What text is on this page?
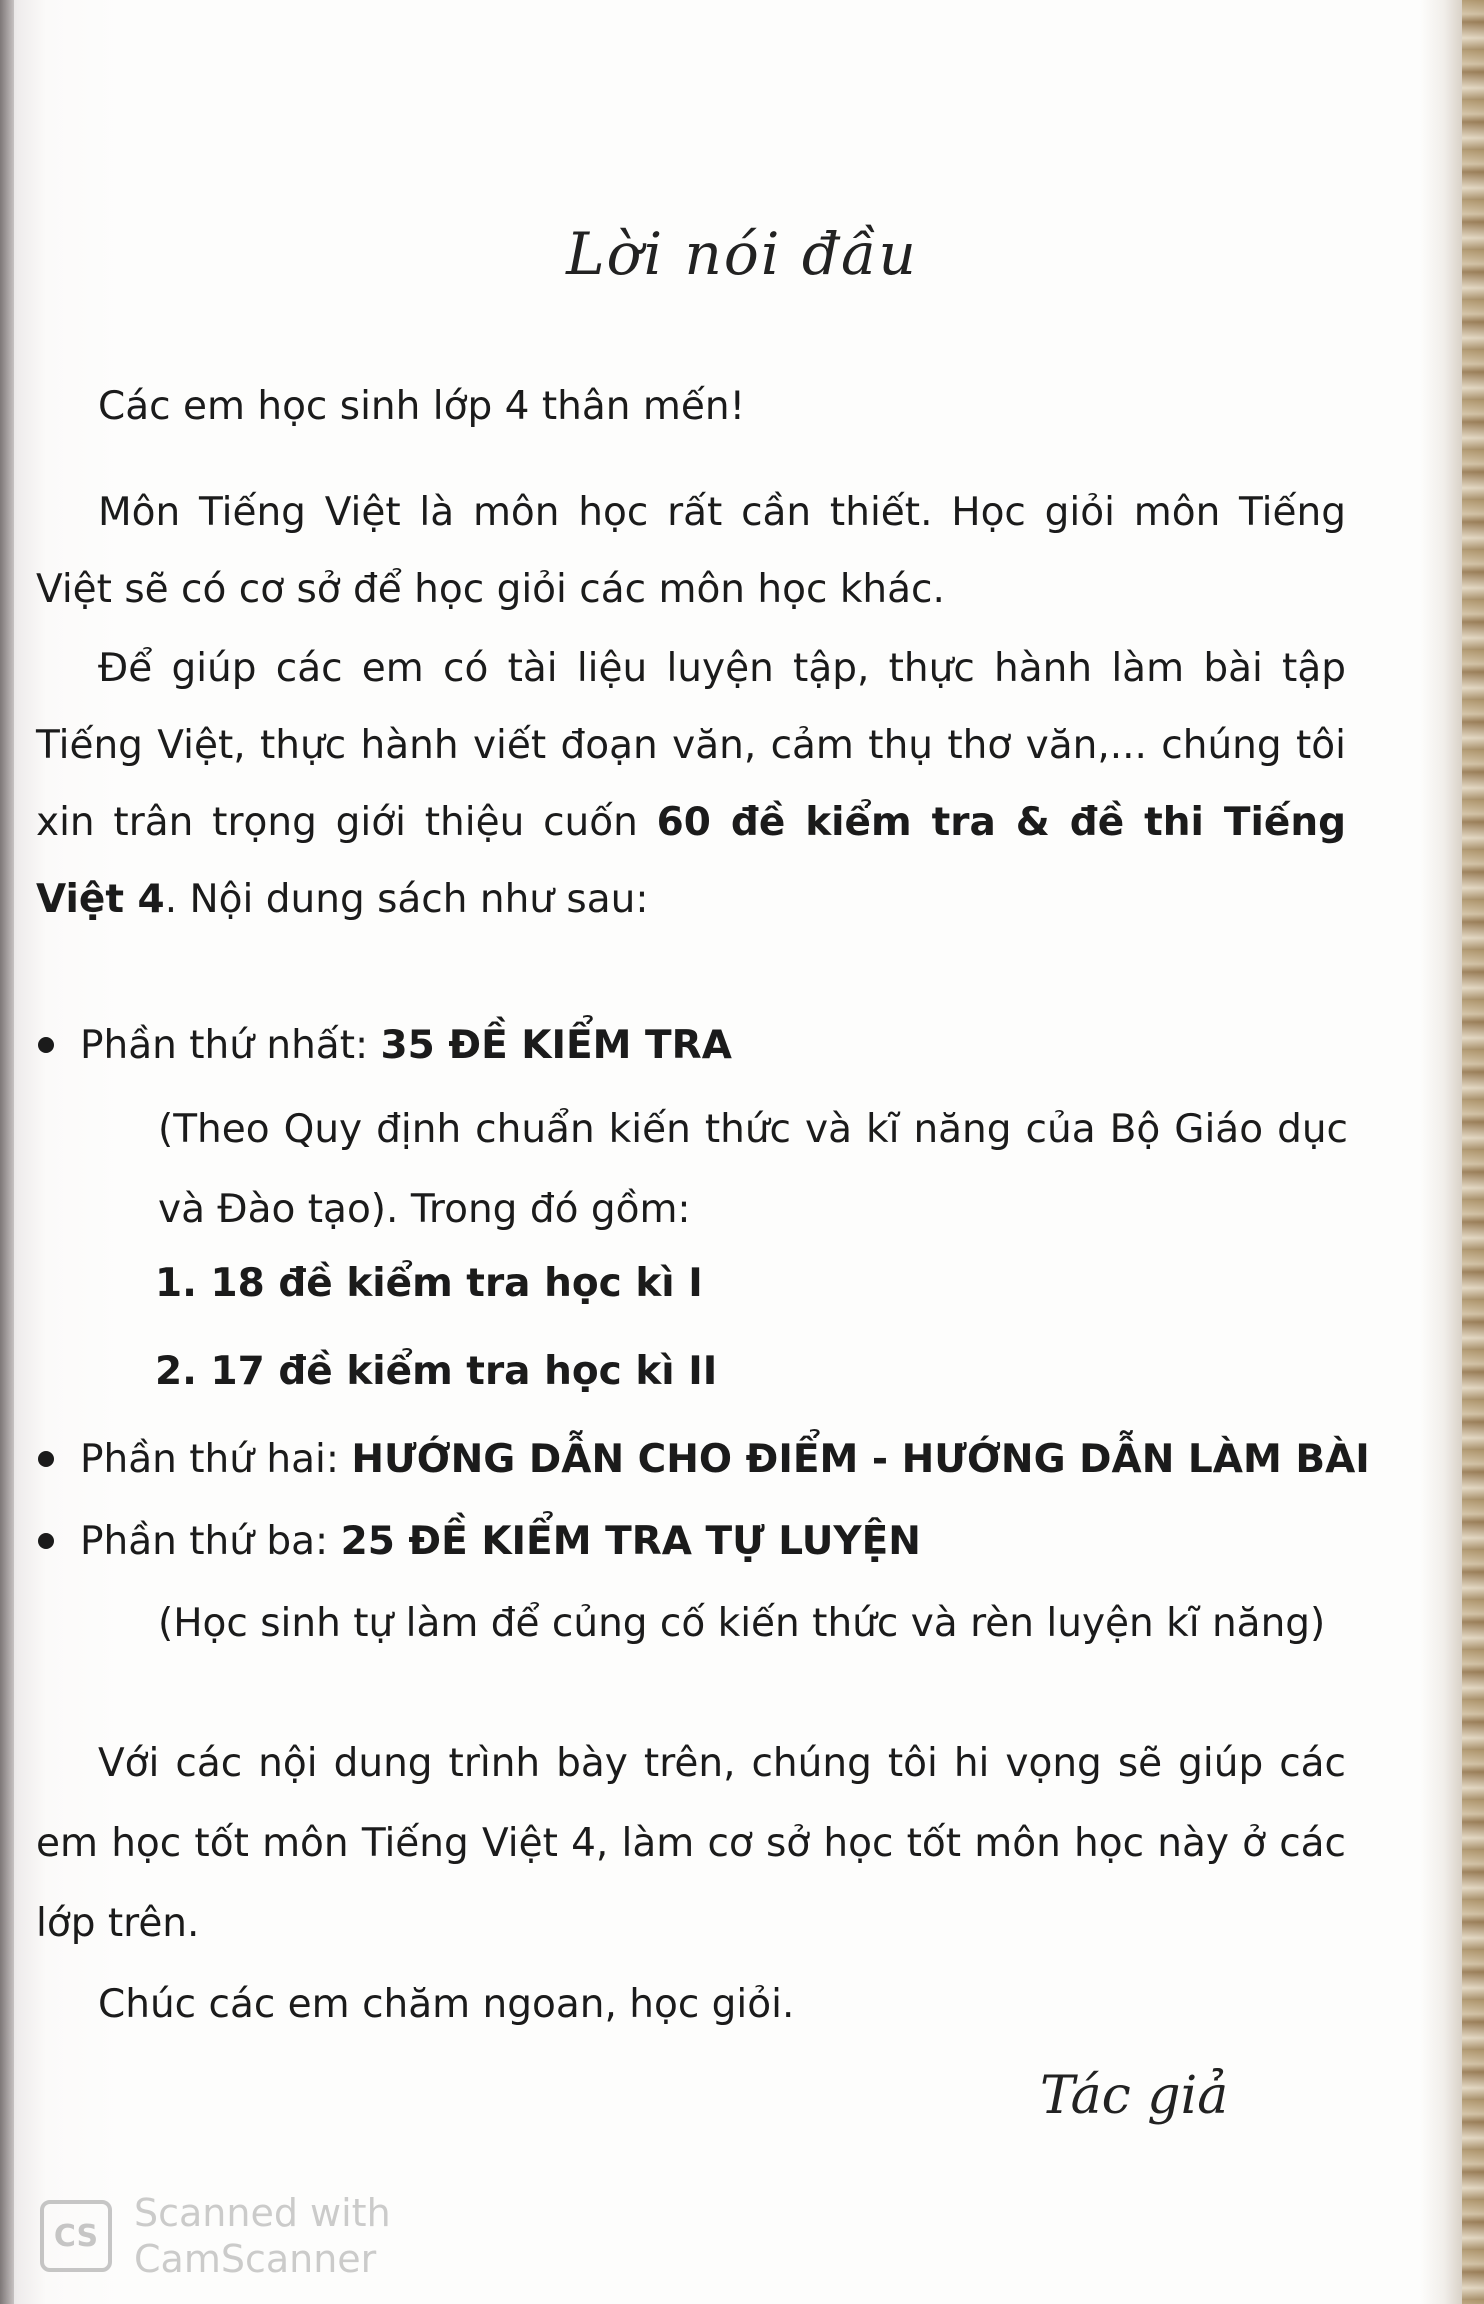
Lời nói đầu
Các em học sinh lớp 4 thân mến!
Môn Tiếng Việt là môn học rất cần thiết. Học giỏi môn Tiếng Việt sẽ có cơ sở để học giỏi các môn học khác.
Để giúp các em có tài liệu luyện tập, thực hành làm bài tập Tiếng Việt, thực hành viết đoạn văn, cảm thụ thơ văn,... chúng tôi xin trân trọng giới thiệu cuốn 60 đề kiểm tra & đề thi Tiếng Việt 4. Nội dung sách như sau:
Phần thứ nhất: 35 ĐỀ KIỂM TRA
(Theo Quy định chuẩn kiến thức và kĩ năng của Bộ Giáo dục và Đào tạo). Trong đó gồm:
1. 18 đề kiểm tra học kì I
2. 17 đề kiểm tra học kì II
Phần thứ hai: HƯỚNG DẪN CHO ĐIỂM - HƯỚNG DẪN LÀM BÀI
Phần thứ ba: 25 ĐỀ KIỂM TRA TỰ LUYỆN
(Học sinh tự làm để củng cố kiến thức và rèn luyện kĩ năng)
Với các nội dung trình bày trên, chúng tôi hi vọng sẽ giúp các em học tốt môn Tiếng Việt 4, làm cơ sở học tốt môn học này ở các lớp trên.
Chúc các em chăm ngoan, học giỏi.
Tác giả
CS
Scanned with
CamScanner
